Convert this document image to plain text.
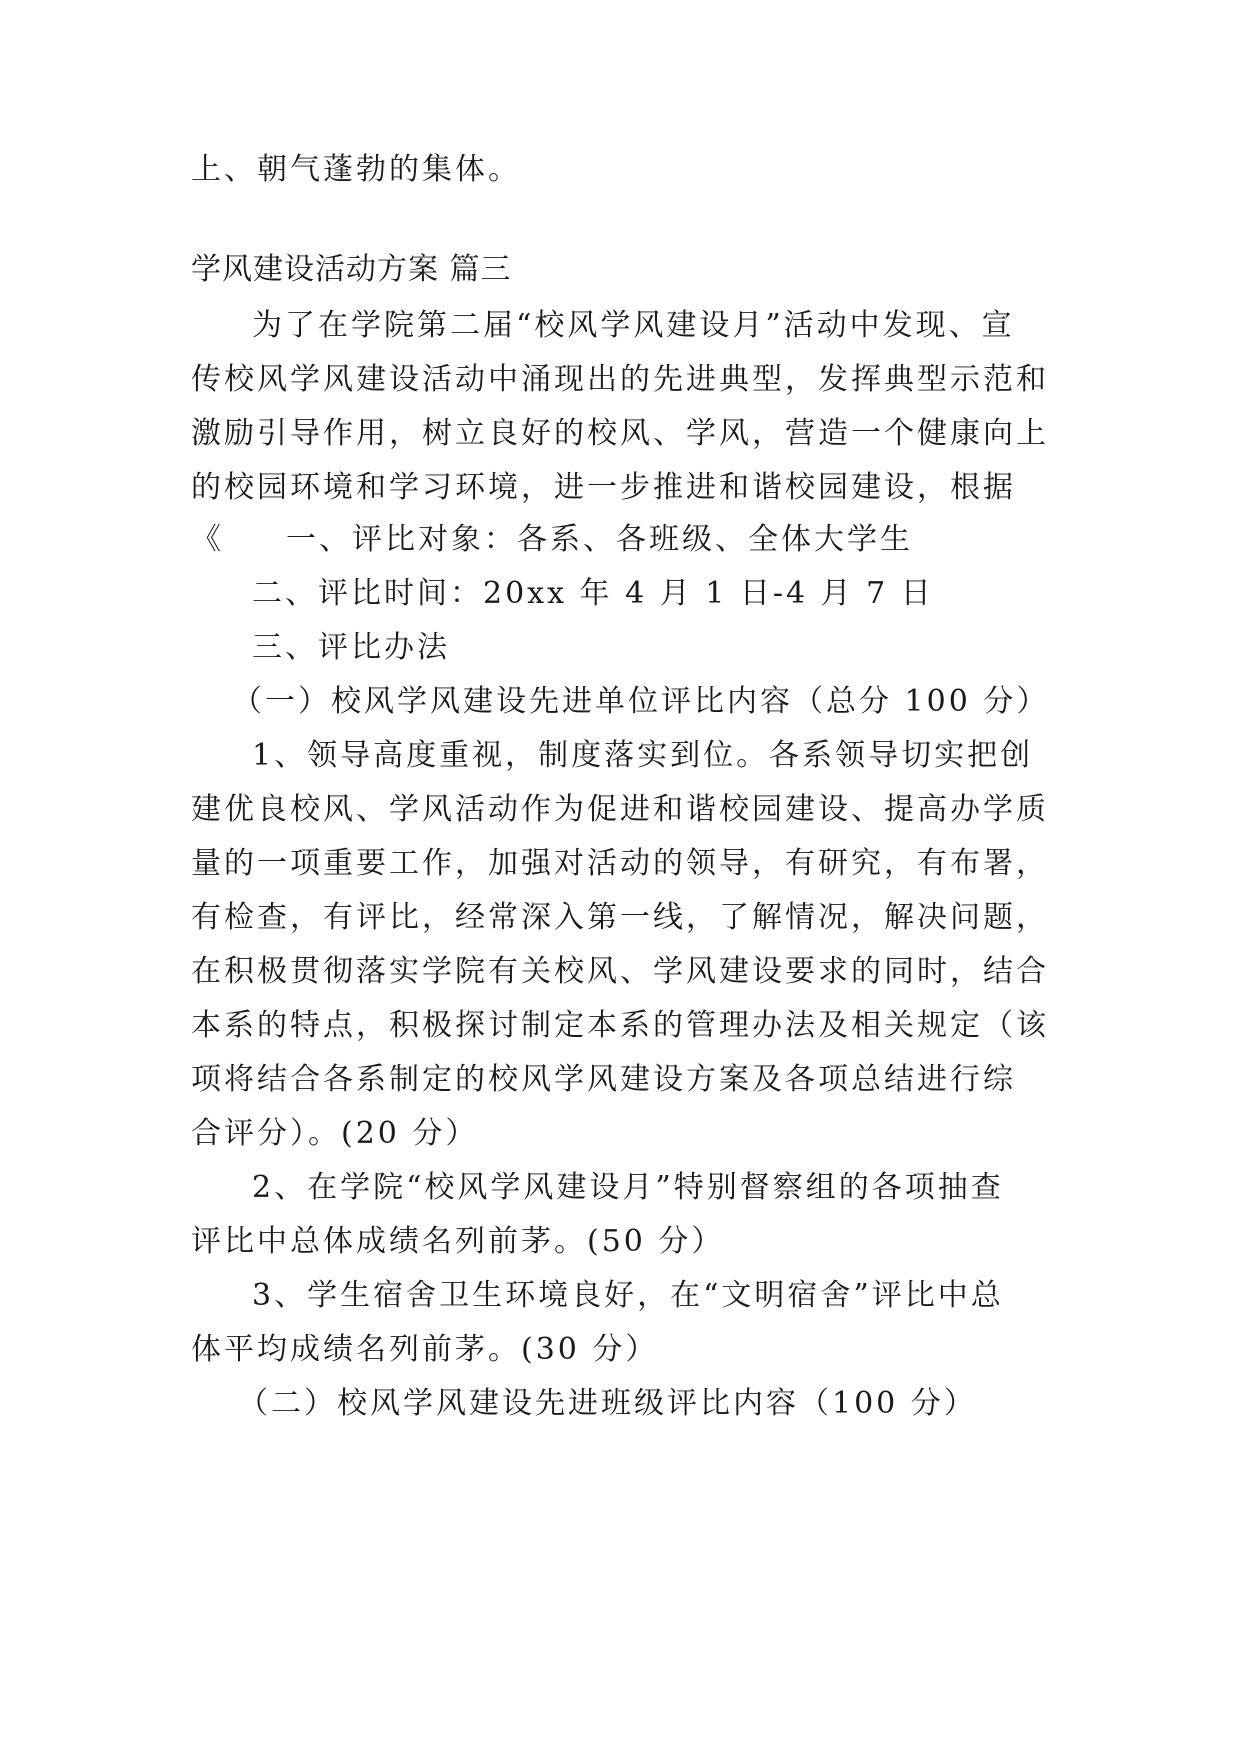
上、朝气蓬勃的集体。
学风建设活动方案 篇三
为了在学院第二届“校风学风建设月”活动中发现、宣
传校风学风建设活动中涌现出的先进典型，发挥典型示范和
激励引导作用，树立良好的校风、学风，营造一个健康向上
的校园环境和学习环境，进一步推进和谐校园建设，根据
《 一、评比对象：各系、各班级、全体大学生
二、评比时间：20xx 年 4 月 1 日-4 月 7 日
三、评比办法
（一）校风学风建设先进单位评比内容（总分 100 分）
1、领导高度重视，制度落实到位。各系领导切实把创
建优良校风、学风活动作为促进和谐校园建设、提高办学质
量的一项重要工作，加强对活动的领导，有研究，有布署，
有检查，有评比，经常深入第一线，了解情况，解决问题，
在积极贯彻落实学院有关校风、学风建设要求的同时，结合
本系的特点，积极探讨制定本系的管理办法及相关规定（该
项将结合各系制定的校风学风建设方案及各项总结进行综
合评分）。(20 分）
2、在学院“校风学风建设月”特别督察组的各项抽查
评比中总体成绩名列前茅。(50 分）
3、学生宿舍卫生环境良好，在“文明宿舍”评比中总
体平均成绩名列前茅。(30 分）
（二）校风学风建设先进班级评比内容（100 分）
